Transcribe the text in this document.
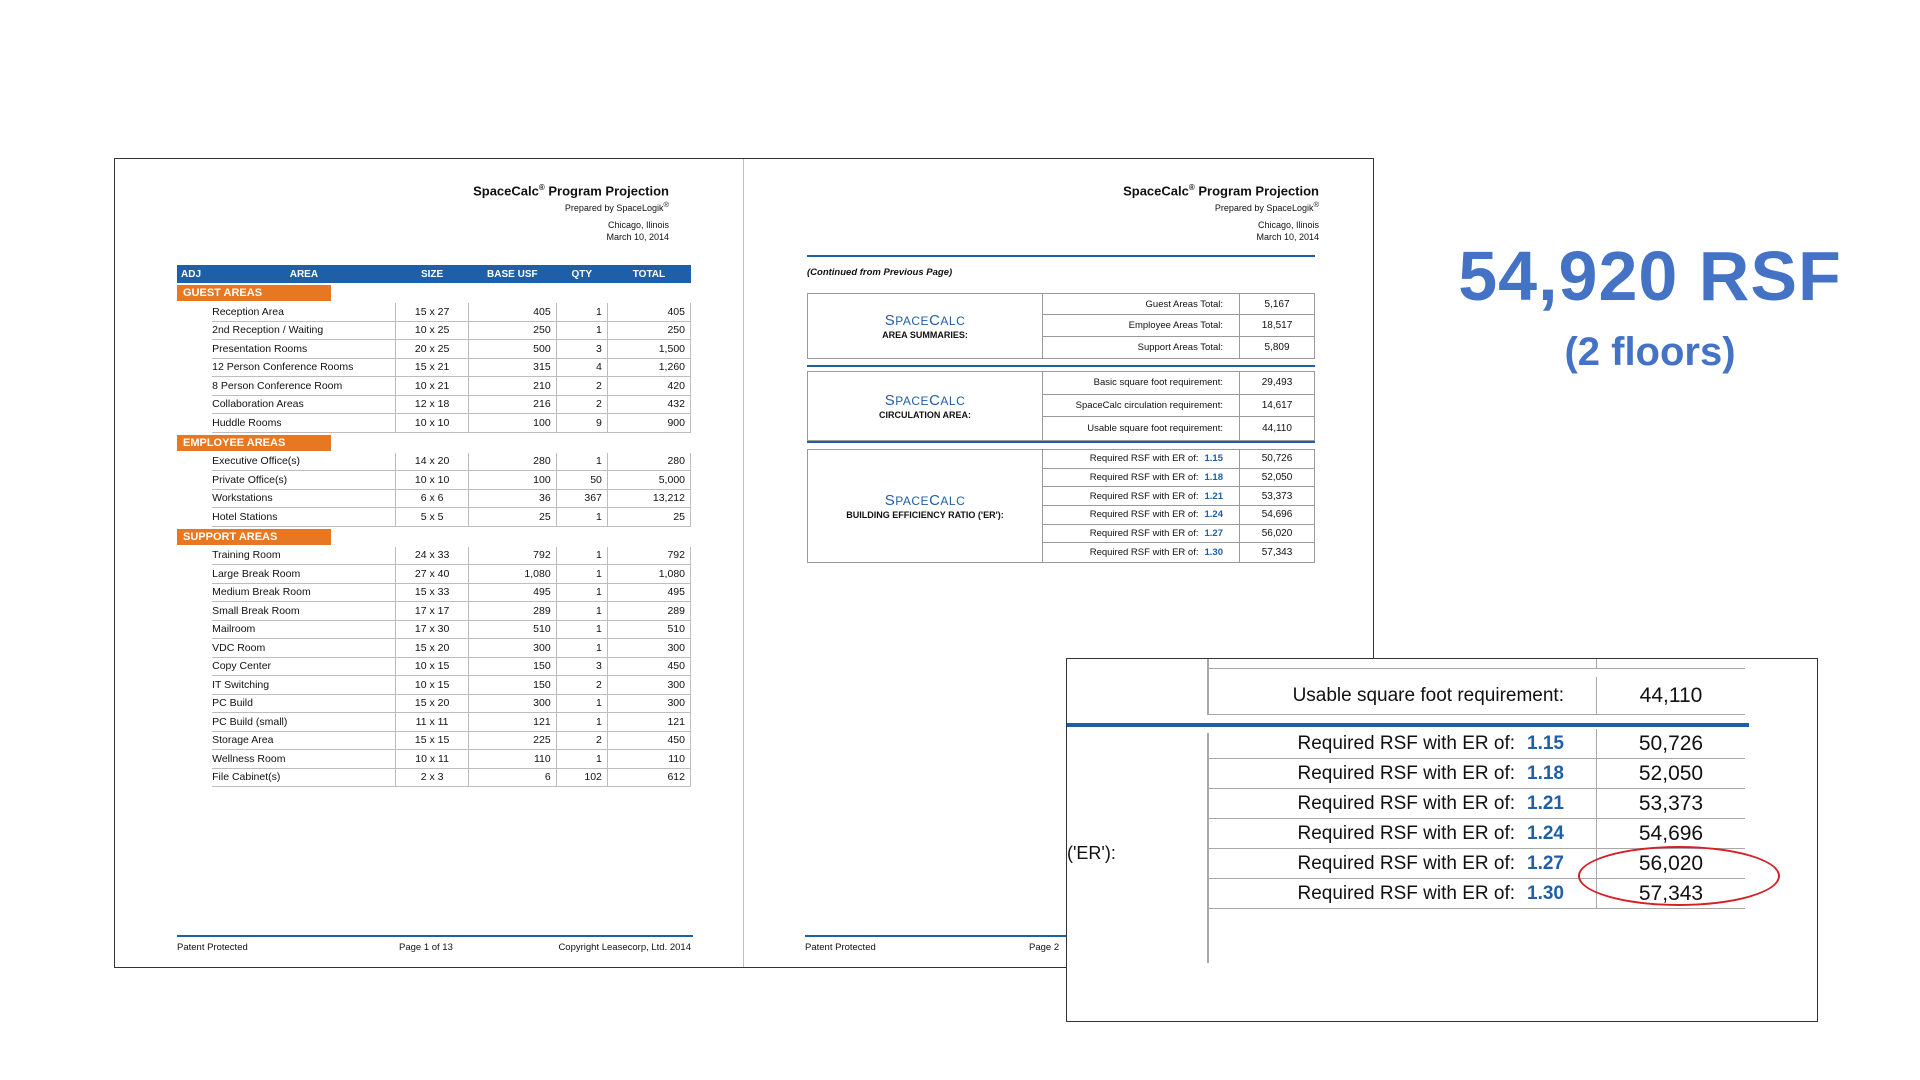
SpaceCalc® Program Projection
Prepared by SpaceLogik®
Chicago, Ilinois
March 10, 2014
ADJ	AREA	SIZE	BASE USF	QTY	TOTAL
GUEST AREAS					
	Reception Area	15 x 27	405	1	405
	2nd Reception / Waiting	10 x 25	250	1	250
	Presentation Rooms	20 x 25	500	3	1,500
	12 Person Conference Rooms	15 x 21	315	4	1,260
	8 Person Conference Room	10 x 21	210	2	420
	Collaboration Areas	12 x 18	216	2	432
	Huddle Rooms	10 x 10	100	9	900
EMPLOYEE AREAS					
	Executive Office(s)	14 x 20	280	1	280
	Private Office(s)	10 x 10	100	50	5,000
	Workstations	6 x 6	36	367	13,212
	Hotel Stations	5 x 5	25	1	25
SUPPORT AREAS					
	Training Room	24 x 33	792	1	792
	Large Break Room	27 x 40	1,080	1	1,080
	Medium Break Room	15 x 33	495	1	495
	Small Break Room	17 x 17	289	1	289
	Mailroom	17 x 30	510	1	510
	VDC Room	15 x 20	300	1	300
	Copy Center	10 x 15	150	3	450
	IT Switching	10 x 15	150	2	300
	PC Build	15 x 20	300	1	300
	PC Build (small)	11 x 11	121	1	121
	Storage Area	15 x 15	225	2	450
	Wellness Room	10 x 11	110	1	110
	File Cabinet(s)	2 x 3	6	102	612
Patent Protected	Page 1 of 13	Copyright Leasecorp, Ltd. 2014
SpaceCalc® Program Projection
Prepared by SpaceLogik®
Chicago, Ilinois
March 10, 2014
(Continued from Previous Page)
SPACECALC
AREA SUMMARIES:
Guest Areas Total:	5,167
Employee Areas Total:	18,517
Support Areas Total:	5,809
SPACECALC
CIRCULATION AREA:
Basic square foot requirement:	29,493
SpaceCalc circulation requirement:	14,617
Usable square foot requirement:	44,110
SPACECALC
BUILDING EFFICIENCY RATIO ('ER'):
Required RSF with ER of: 1.15	50,726
Required RSF with ER of: 1.18	52,050
Required RSF with ER of: 1.21	53,373
Required RSF with ER of: 1.24	54,696
Required RSF with ER of: 1.27	56,020
Required RSF with ER of: 1.30	57,343
Patent Protected	Page 2
54,920 RSF
(2 floors)
Usable square foot requirement:	44,110
('ER'):
Required RSF with ER of: 1.15	50,726
Required RSF with ER of: 1.18	52,050
Required RSF with ER of: 1.21	53,373
Required RSF with ER of: 1.24	54,696
Required RSF with ER of: 1.27	56,020
Required RSF with ER of: 1.30	57,343
